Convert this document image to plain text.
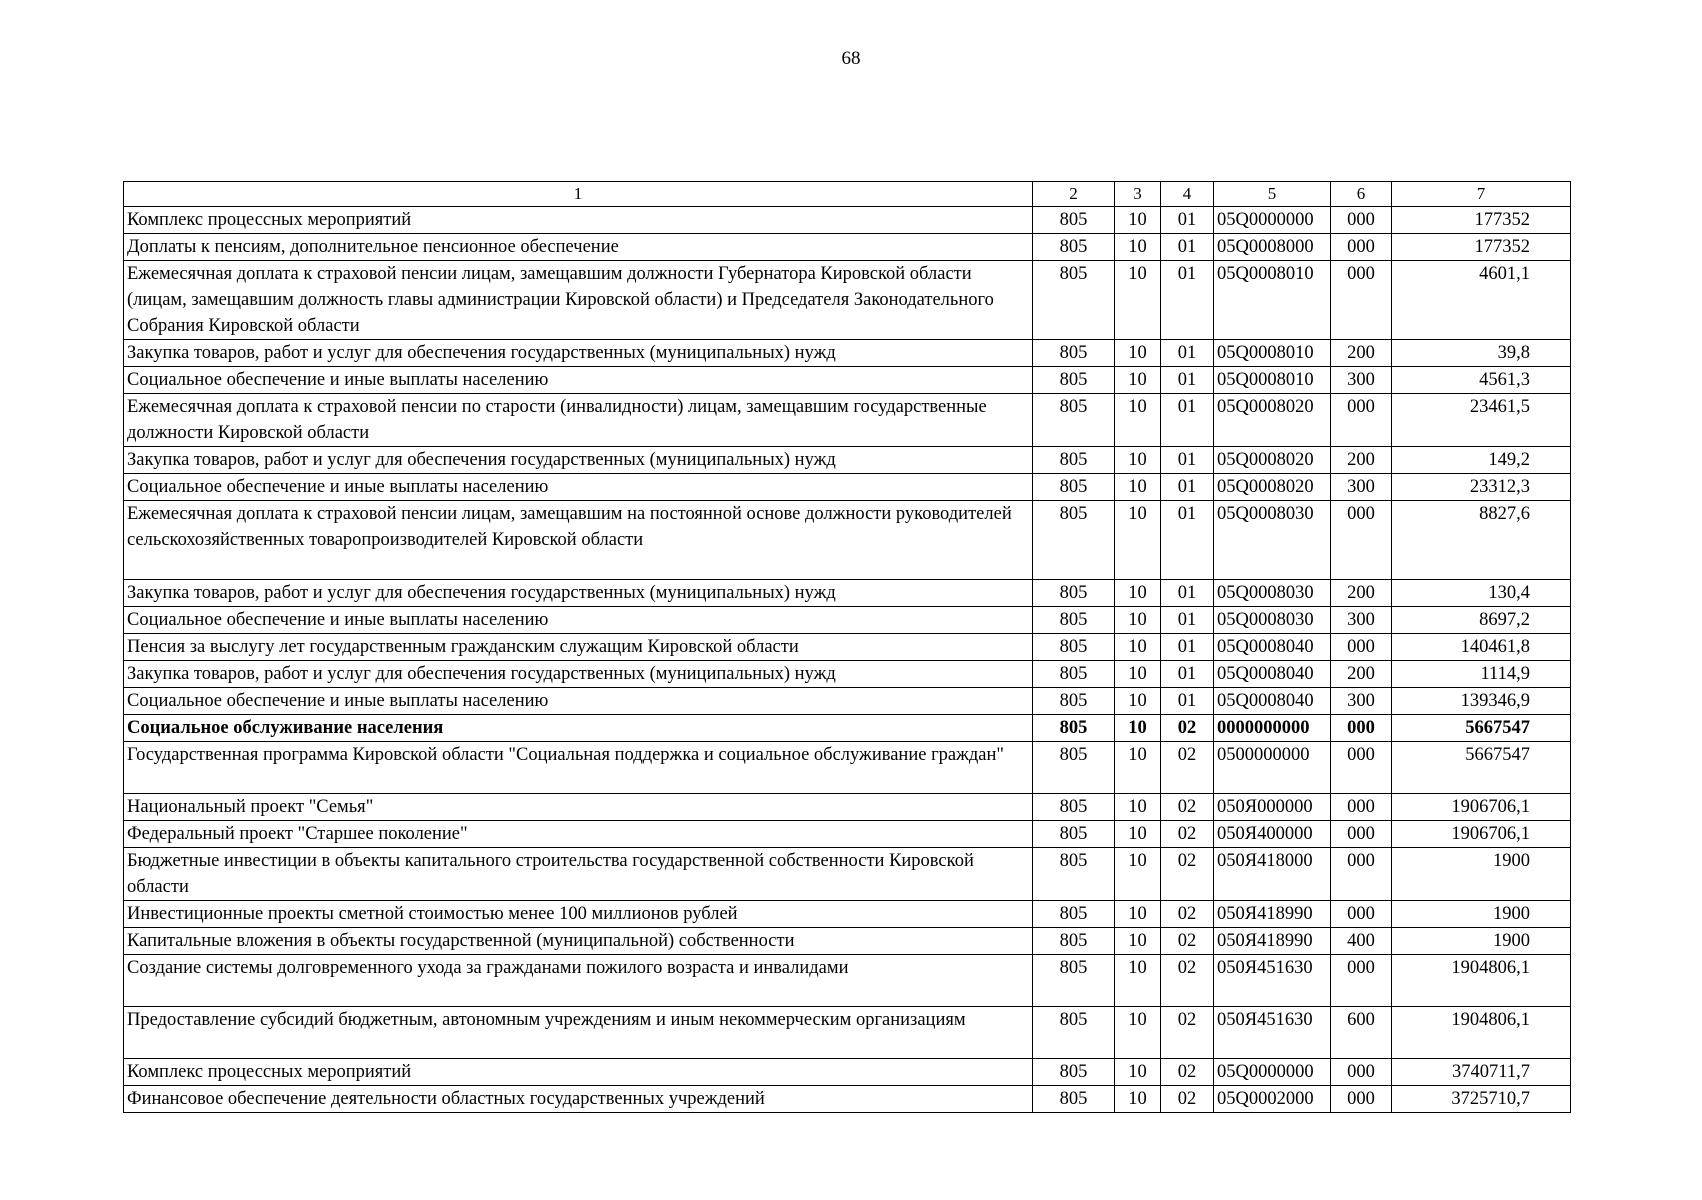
68
1	2	3	4	5	6	7
Комплекс процессных мероприятий	805	10	01	05Q0000000	000	177352
Доплаты к пенсиям, дополнительное пенсионное обеспечение	805	10	01	05Q0008000	000	177352
Ежемесячная доплата к страховой пенсии лицам, замещавшим должности Губернатора Кировской области (лицам, замещавшим должность главы администрации Кировской области) и Председателя Законодательного Собрания Кировской области	805	10	01	05Q0008010	000	4601,1
Закупка товаров, работ и услуг для обеспечения государственных (муниципальных) нужд	805	10	01	05Q0008010	200	39,8
Социальное обеспечение и иные выплаты населению	805	10	01	05Q0008010	300	4561,3
Ежемесячная доплата к страховой пенсии по старости (инвалидности) лицам, замещавшим государственные должности Кировской области	805	10	01	05Q0008020	000	23461,5
Закупка товаров, работ и услуг для обеспечения государственных (муниципальных) нужд	805	10	01	05Q0008020	200	149,2
Социальное обеспечение и иные выплаты населению	805	10	01	05Q0008020	300	23312,3
Ежемесячная доплата к страховой пенсии лицам, замещавшим на постоянной основе должности руководителей сельскохозяйственных товаропроизводителей Кировской области	805	10	01	05Q0008030	000	8827,6
Закупка товаров, работ и услуг для обеспечения государственных (муниципальных) нужд	805	10	01	05Q0008030	200	130,4
Социальное обеспечение и иные выплаты населению	805	10	01	05Q0008030	300	8697,2
Пенсия за выслугу лет государственным гражданским служащим Кировской области	805	10	01	05Q0008040	000	140461,8
Закупка товаров, работ и услуг для обеспечения государственных (муниципальных) нужд	805	10	01	05Q0008040	200	1114,9
Социальное обеспечение и иные выплаты населению	805	10	01	05Q0008040	300	139346,9
Социальное обслуживание населения	805	10	02	0000000000	000	5667547
Государственная программа Кировской области "Социальная поддержка и социальное обслуживание граждан"	805	10	02	0500000000	000	5667547
Национальный проект "Семья"	805	10	02	050Я000000	000	1906706,1
Федеральный проект "Старшее поколение"	805	10	02	050Я400000	000	1906706,1
Бюджетные инвестиции в объекты капитального строительства государственной собственности Кировской области	805	10	02	050Я418000	000	1900
Инвестиционные проекты сметной стоимостью менее 100 миллионов рублей	805	10	02	050Я418990	000	1900
Капитальные вложения в объекты государственной (муниципальной) собственности	805	10	02	050Я418990	400	1900
Создание системы долговременного ухода за гражданами пожилого возраста и инвалидами	805	10	02	050Я451630	000	1904806,1
Предоставление субсидий бюджетным, автономным учреждениям и иным некоммерческим организациям	805	10	02	050Я451630	600	1904806,1
Комплекс процессных мероприятий	805	10	02	05Q0000000	000	3740711,7
Финансовое обеспечение деятельности областных государственных учреждений	805	10	02	05Q0002000	000	3725710,7
